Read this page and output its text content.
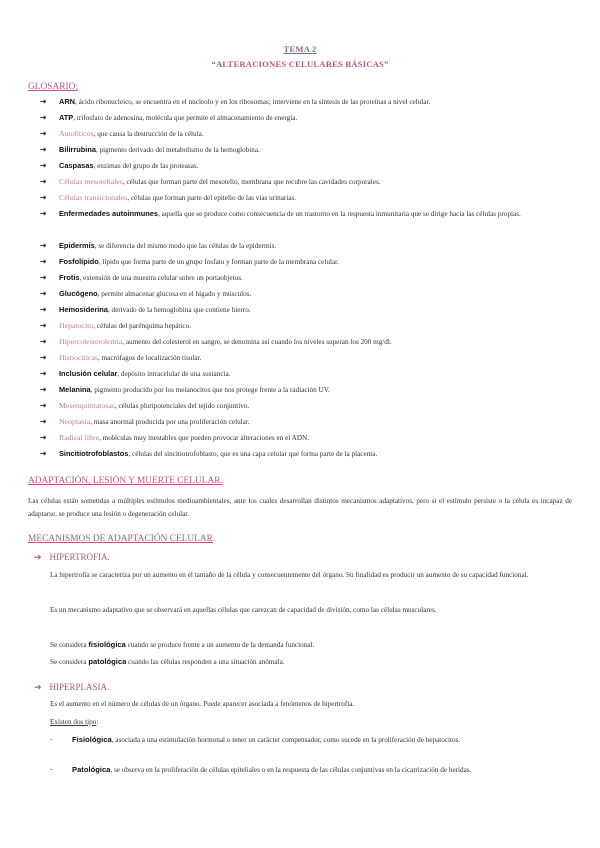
TEMA 2
“ALTERACIONES CELULARES BÁSICAS”
GLOSARIO:
➔ ARN, ácido ribonucleico, se encuentra en el nucleolo y en los ribosomas; interviene en la síntesis de las proteínas a nivel celular.
➔ ATP, trifosfato de adenosina, molécula que permite el almacenamiento de energía.
➔ Autolíticos, que causa la destrucción de la célula.
➔ Bilirrubina, pigmento derivado del metabolismo de la hemoglobina.
➔ Caspasas, enzimas del grupo de las proteasas.
➔ Células mesoteliales, células que forman parte del mesotelio, membrana que recubre las cavidades corporales.
➔ Células transicionales, células que forman parte del epitelio de las vías urinarias.
➔ Enfermedades autoinmunes, aquella que se produce como consecuencia de un trastorno en la respuesta inmunitaria que se dirige hacia las células propias.
➔ Epidermis, se diferencia del mismo modo que las células de la epidermis.
➔ Fosfolípido, lípido que forma parte de un grupo fosfato y forman parte de la membrana celular.
➔ Frotis, extensión de una muestra celular sobre un portaobjetos.
➔ Glucógeno, permite almacenar glucosa en el hígado y músculos.
➔ Hemosiderina, derivado de la hemoglobina que contiene hierro.
➔ Hepatocito, células del parénquima hepático.
➔ Hipercolesterolemia, aumento del colesterol en sangre, se denomina así cuando los niveles superan los 200 mg/dl.
➔ Histiocíticas, macrófagos de localización tisular.
➔ Inclusión celular, depósito intracelular de una sustancia.
➔ Melanina, pigmento producido por los melanocitos que nos protege frente a la radiación UV.
➔ Mesenquimatosas, células pluripotenciales del tejido conjuntivo.
➔ Neoplasia, masa anormal producida por una proliferación celular.
➔ Radical libre, moléculas muy inestables que pueden provocar alteraciones en el ADN.
➔ Sincitiotrofoblastos, células del sincitiotrofoblasto, que es una capa celular que forma parte de la placenta.
ADAPTACIÓN, LESIÓN Y MUERTE CELULAR.
Las células están sometidas a múltiples estímulos medioambientales, ante los cuales desarrollan distintos mecanismos adaptativos, pero si el estímulo persiste o la célula es incapaz de adaptarse, se produce una lesión o degeneración celular.
MECANISMOS DE ADAPTACIÓN CELULAR.
➔ HIPERTROFIA.
La hipertrofia se caracteriza por un aumento en el tamaño de la célula y consecuentemente del órgano. Su finalidad es producir un aumento de su capacidad funcional.
Es un mecanismo adaptativo que se observará en aquellas células que carezcan de capacidad de división, como las células musculares.
Se considera fisiológica cuando se produce frente a un aumento de la demanda funcional.
Se considera patológica cuando las células responden a una situación anómala.
➔ HIPERPLASIA.
Es el aumento en el número de células de un órgano. Puede aparecer asociada a fenómenos de hipertrofia.
Existen dos tipo:
-	Fisiológica, asociada a una estimulación hormonal o tener un carácter compensador, como sucede en la proliferación de hepatocitos.
-	Patológica, se observa en la proliferación de células epiteliales o en la respuesta de las células conjuntivas en la cicatrización de heridas.
